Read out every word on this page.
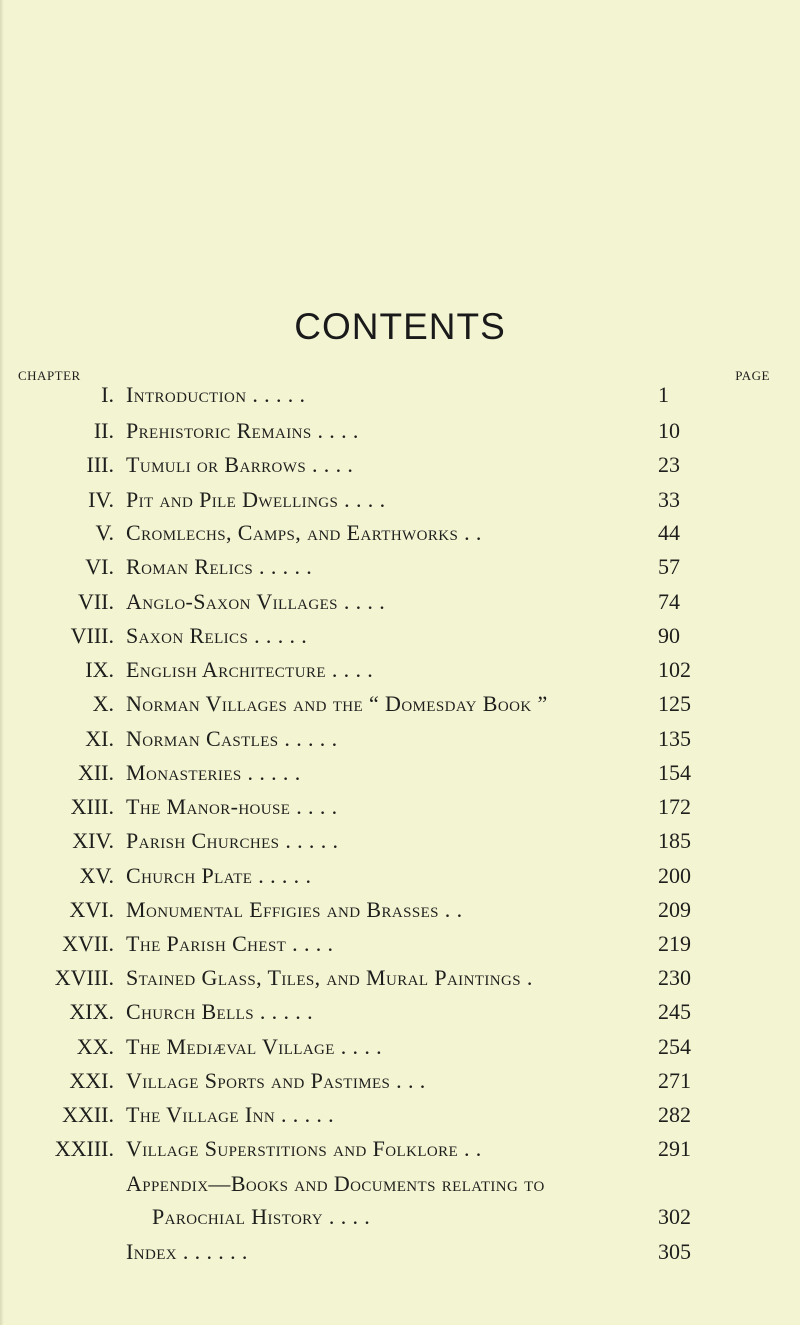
CONTENTS
CHAPTER	PAGE
I. Introduction . . . . .	1
II. Prehistoric Remains . . . .	10
III. Tumuli or Barrows . . . .	23
IV. Pit and Pile Dwellings . . . .	33
V. Cromlechs, Camps, and Earthworks . .	44
VI. Roman Relics . . . . .	57
VII. Anglo-Saxon Villages . . . .	74
VIII. Saxon Relics . . . . .	90
IX. English Architecture . . . .	102
X. Norman Villages and the “ Domesday Book ”	125
XI. Norman Castles . . . . .	135
XII. Monasteries . . . . .	154
XIII. The Manor-house . . . .	172
XIV. Parish Churches . . . . .	185
XV. Church Plate . . . . .	200
XVI. Monumental Effigies and Brasses . .	209
XVII. The Parish Chest . . . .	219
XVIII. Stained Glass, Tiles, and Mural Paintings .	230
XIX. Church Bells . . . . .	245
XX. The Mediæval Village . . . .	254
XXI. Village Sports and Pastimes . . .	271
XXII. The Village Inn . . . . .	282
XXIII. Village Superstitions and Folklore . .	291
Appendix—Books and Documents relating to
Parochial History . . . .	302
Index . . . . . .	305
